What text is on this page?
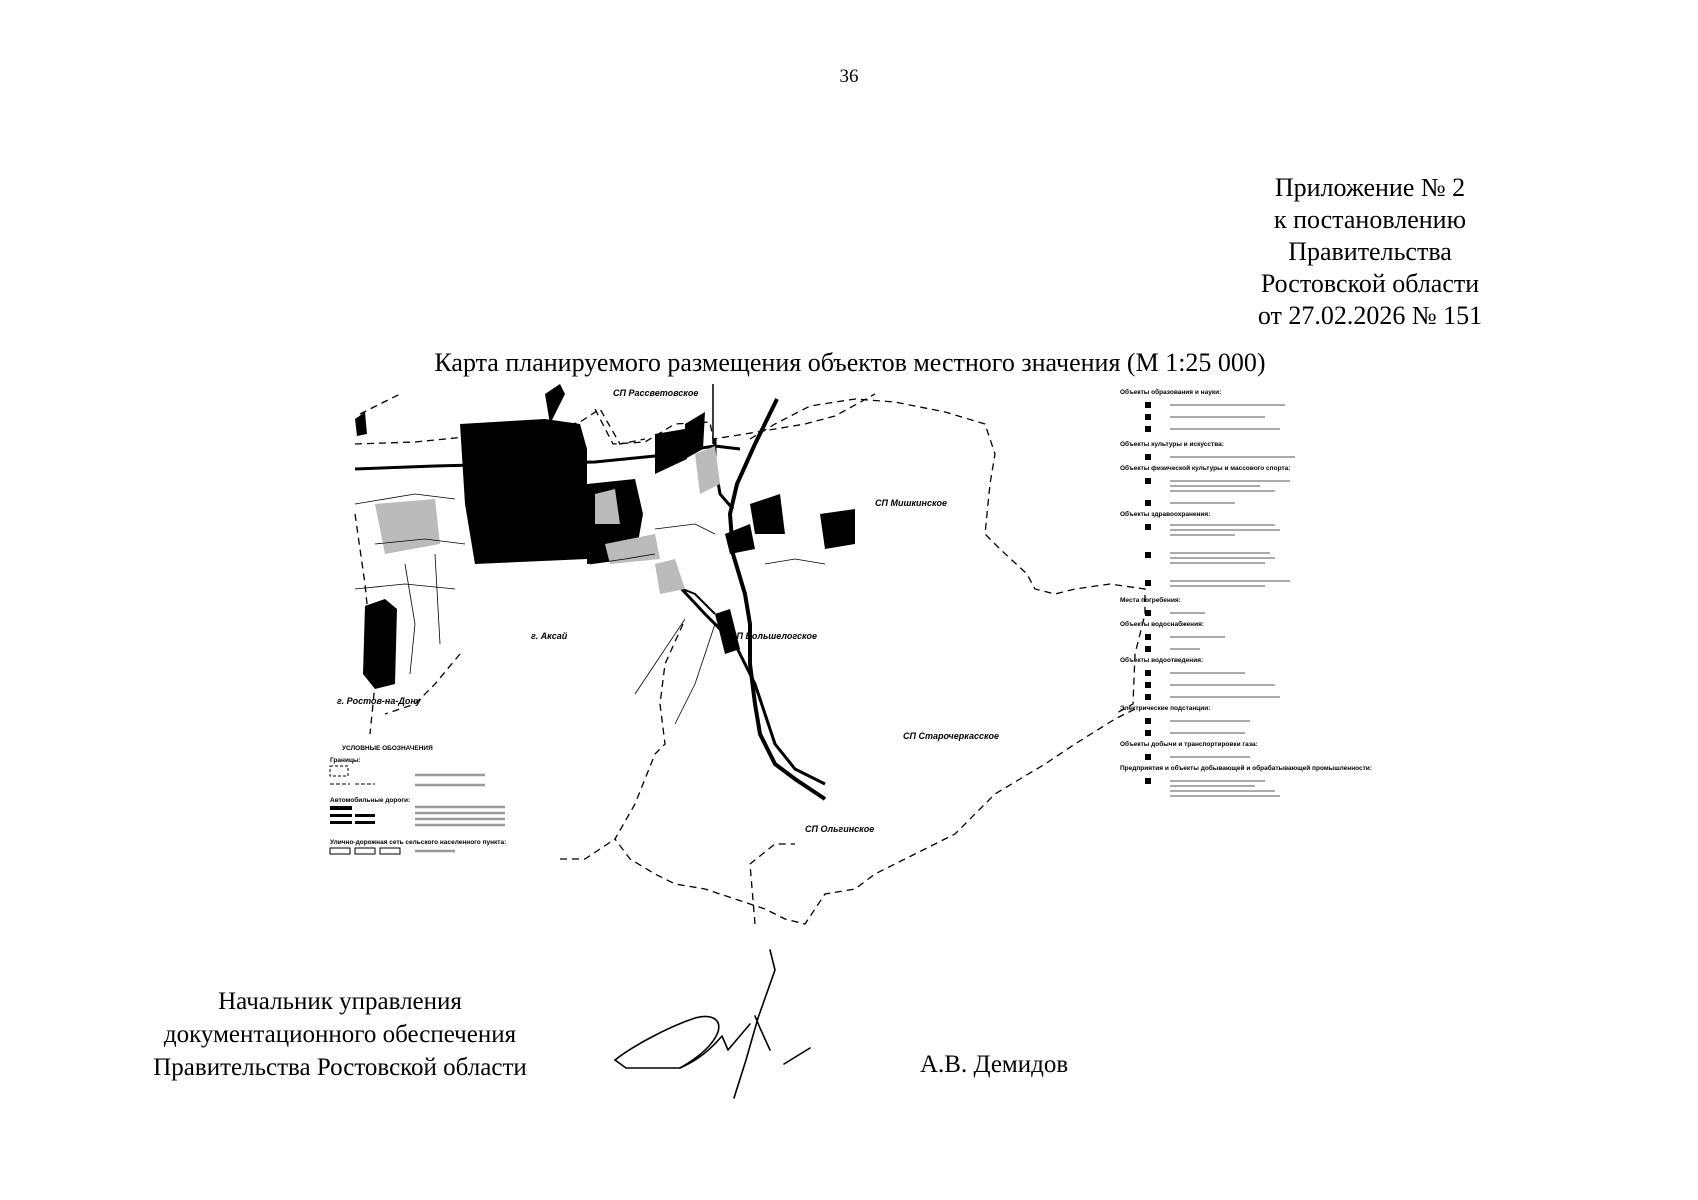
36
Приложение № 2
к постановлению
Правительства
Ростовской области
от 27.02.2026 № 151
Карта планируемого размещения объектов местного значения (М 1:25 000)
СП Рассветовское
СП Мишкинское
СП Большелогское
г. Аксай
г. Ростов-на-Дону
СП Старочеркасское
СП Ольгинское
УСЛОВНЫЕ ОБОЗНАЧЕНИЯ
Границы:
Автомобильные дороги:
Улично-дорожная сеть сельского населенного пункта:
Объекты образования и науки:
Объекты культуры и искусства:
Объекты физической культуры и массового спорта:
Объекты здравоохранения:
Места погребения:
Объекты водоснабжения:
Объекты водоотведения:
Электрические подстанции:
Объекты добычи и транспортировки газа:
Предприятия и объекты добывающей и обрабатывающей промышленности:
Начальник управления
документационного обеспечения
Правительства Ростовской области	А.В. Демидов
